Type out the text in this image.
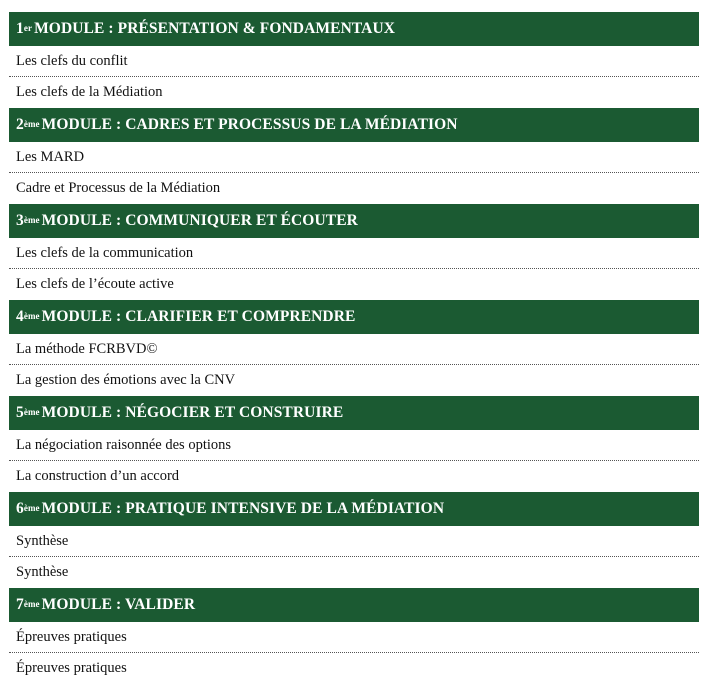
1er MODULE : PRÉSENTATION & FONDAMENTAUX
Les clefs du conflit
Les clefs de la Médiation
2ème MODULE : CADRES ET PROCESSUS DE LA MÉDIATION
Les MARD
Cadre et Processus de la Médiation
3ème MODULE : COMMUNIQUER ET ÉCOUTER
Les clefs de la communication
Les clefs de l’écoute active
4ème MODULE : CLARIFIER ET COMPRENDRE
La méthode FCRBVD©
La gestion des émotions avec la CNV
5ème MODULE : NÉGOCIER ET CONSTRUIRE
La négociation raisonnée des options
La construction d’un accord
6ème MODULE : PRATIQUE INTENSIVE DE LA MÉDIATION
Synthèse
Synthèse
7ème MODULE : VALIDER
Épreuves pratiques
Épreuves pratiques
